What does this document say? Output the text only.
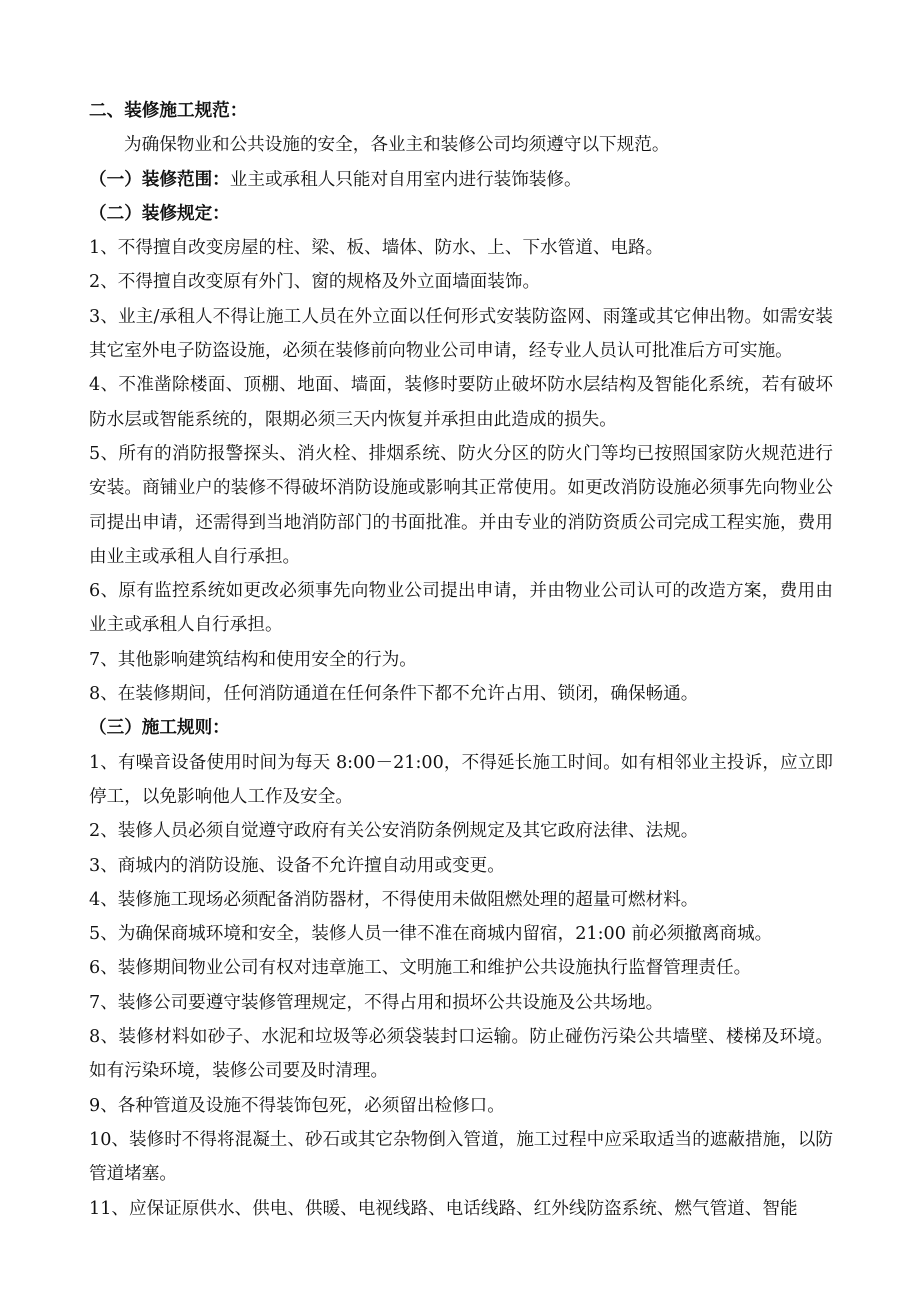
二、装修施工规范：

为确保物业和公共设施的安全，各业主和装修公司均须遵守以下规范。

（一）装修范围：业主或承租人只能对自用室内进行装饰装修。

（二）装修规定：

1、不得擅自改变房屋的柱、梁、板、墙体、防水、上、下水管道、电路。

2、不得擅自改变原有外门、窗的规格及外立面墙面装饰。

3、业主/承租人不得让施工人员在外立面以任何形式安装防盗网、雨篷或其它伸出物。如需安装其它室外电子防盗设施，必须在装修前向物业公司申请，经专业人员认可批准后方可实施。

4、不准凿除楼面、顶棚、地面、墙面，装修时要防止破坏防水层结构及智能化系统，若有破坏防水层或智能系统的，限期必须三天内恢复并承担由此造成的损失。

5、所有的消防报警探头、消火栓、排烟系统、防火分区的防火门等均已按照国家防火规范进行安装。商铺业户的装修不得破坏消防设施或影响其正常使用。如更改消防设施必须事先向物业公司提出申请，还需得到当地消防部门的书面批准。并由专业的消防资质公司完成工程实施，费用由业主或承租人自行承担。

6、原有监控系统如更改必须事先向物业公司提出申请，并由物业公司认可的改造方案，费用由业主或承租人自行承担。

7、其他影响建筑结构和使用安全的行为。

8、在装修期间，任何消防通道在任何条件下都不允许占用、锁闭，确保畅通。

（三）施工规则：

1、有噪音设备使用时间为每天 8:00－21:00，不得延长施工时间。如有相邻业主投诉，应立即停工，以免影响他人工作及安全。

2、装修人员必须自觉遵守政府有关公安消防条例规定及其它政府法律、法规。

3、商城内的消防设施、设备不允许擅自动用或变更。

4、装修施工现场必须配备消防器材，不得使用未做阻燃处理的超量可燃材料。

5、为确保商城环境和安全，装修人员一律不准在商城内留宿，21:00 前必须撤离商城。

6、装修期间物业公司有权对违章施工、文明施工和维护公共设施执行监督管理责任。

7、装修公司要遵守装修管理规定，不得占用和损坏公共设施及公共场地。

8、装修材料如砂子、水泥和垃圾等必须袋装封口运输。防止碰伤污染公共墙壁、楼梯及环境。如有污染环境，装修公司要及时清理。

9、各种管道及设施不得装饰包死，必须留出检修口。

10、装修时不得将混凝土、砂石或其它杂物倒入管道，施工过程中应采取适当的遮蔽措施，以防管道堵塞。

11、应保证原供水、供电、供暖、电视线路、电话线路、红外线防盗系统、燃气管道、智能
